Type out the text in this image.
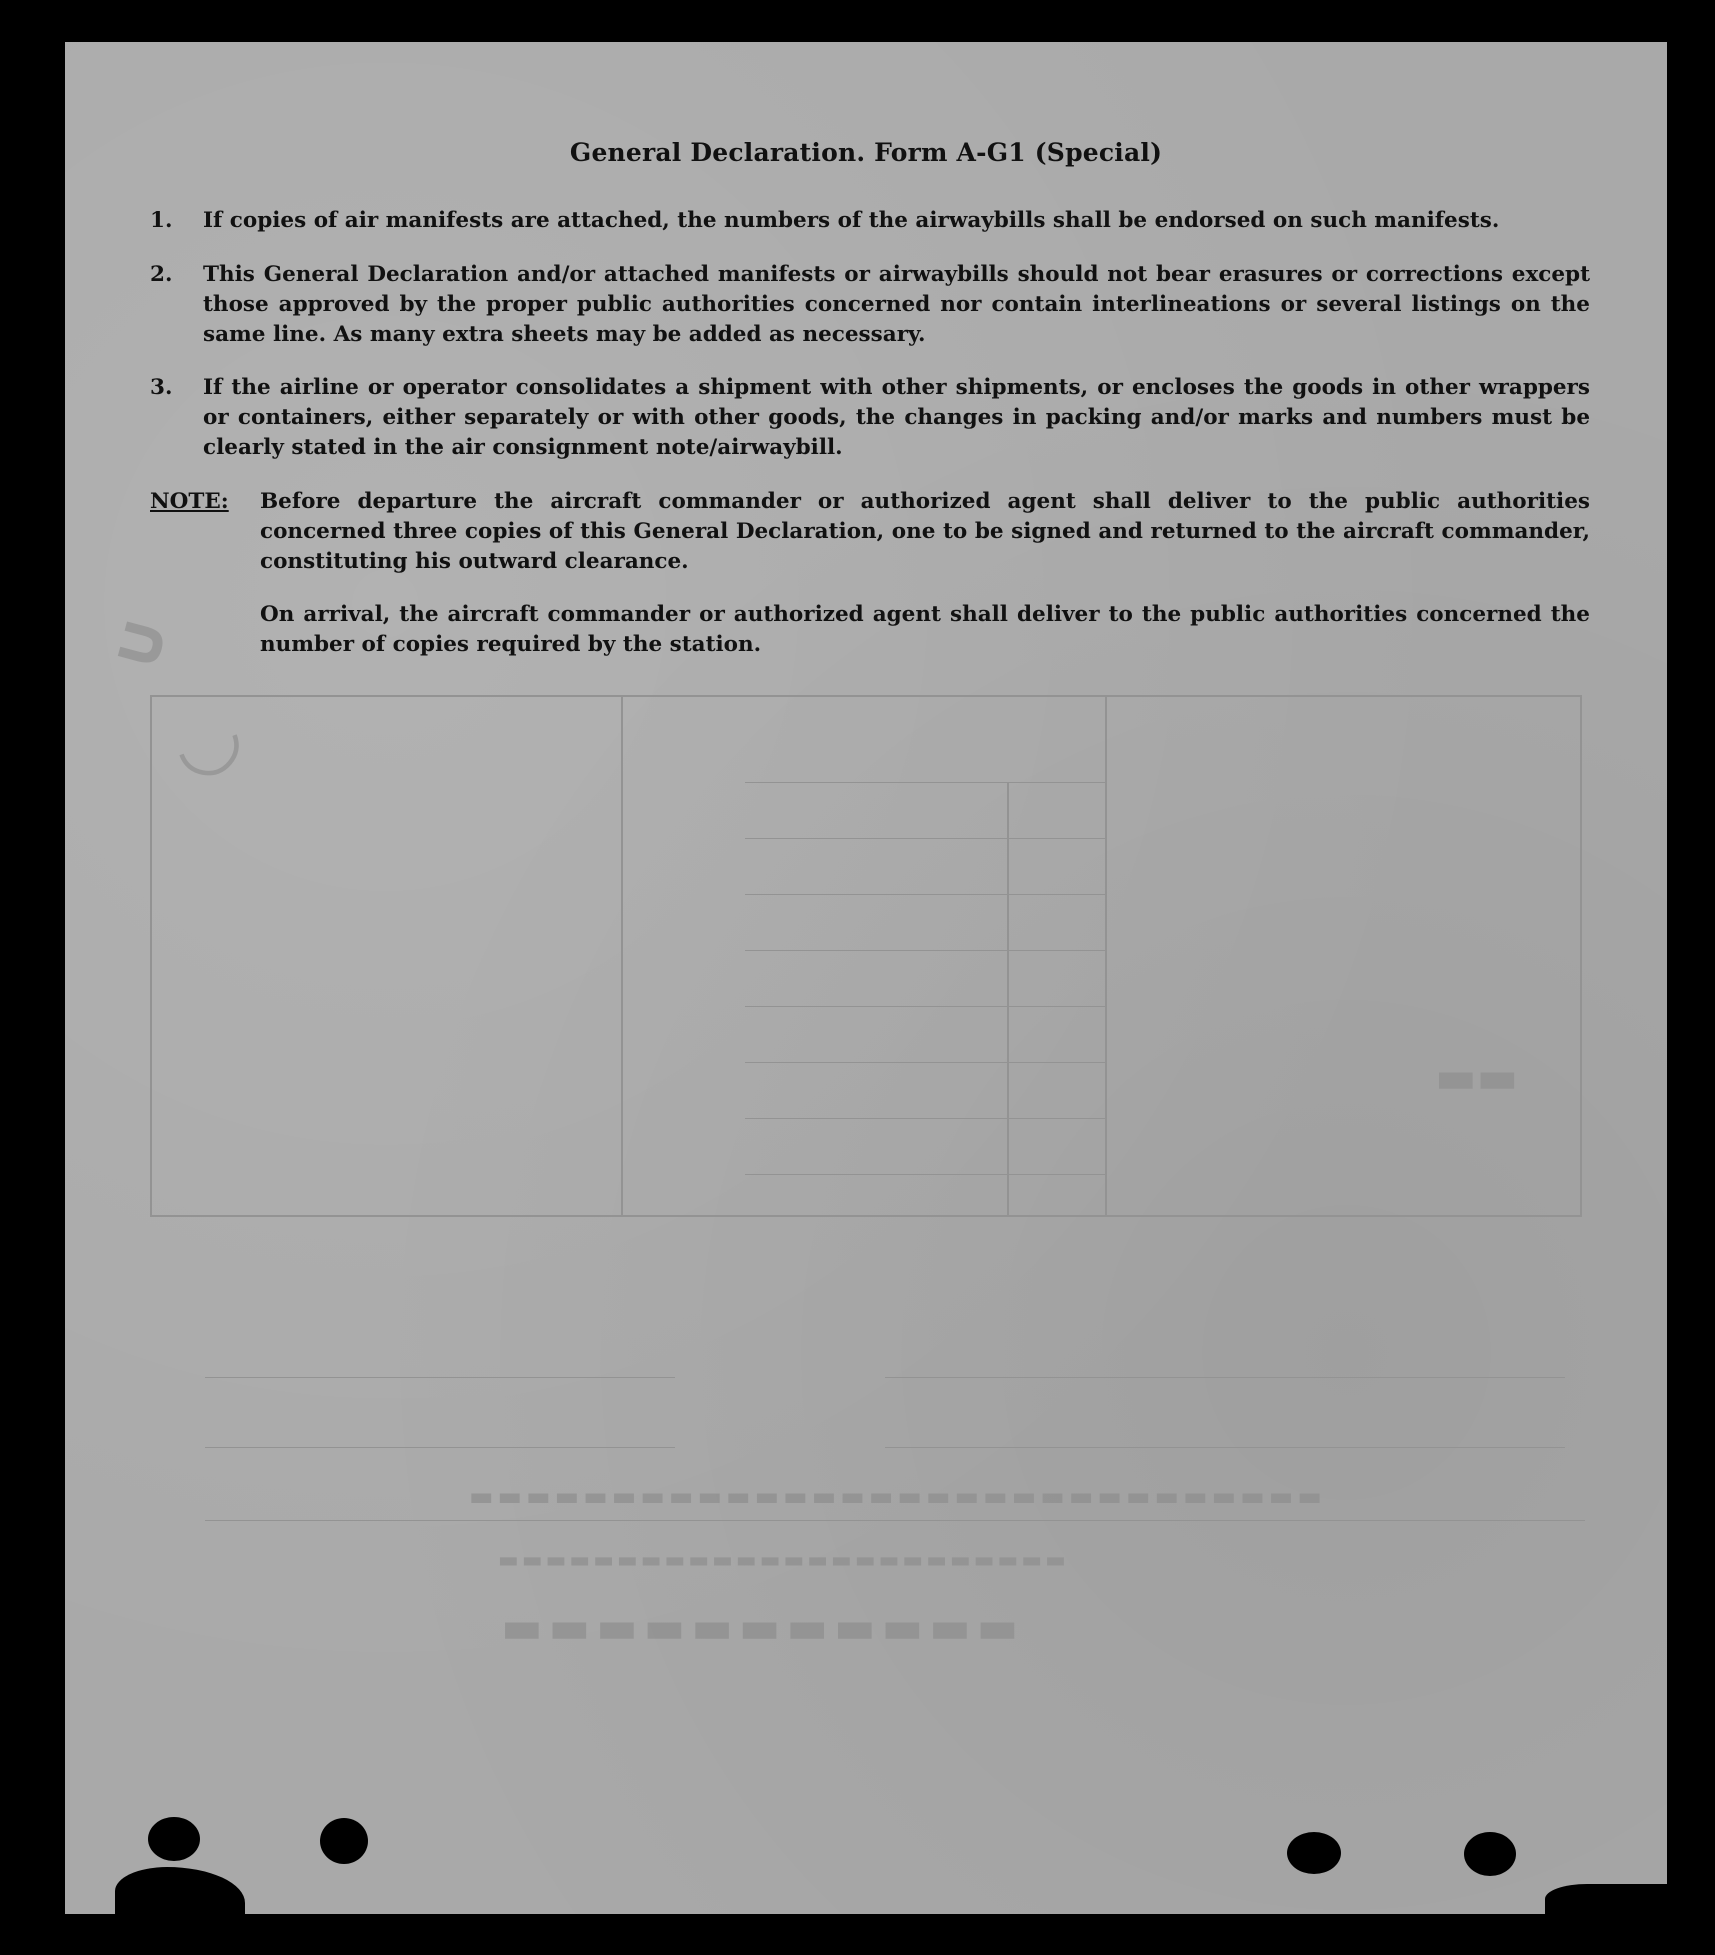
▬▬▬▬▬▬▬▬▬▬▬
▬▬▬▬▬▬▬▬▬▬▬▬▬▬▬▬▬▬▬▬▬▬▬▬
▬▬▬▬▬▬▬▬▬▬▬▬▬▬▬▬▬▬▬▬▬▬▬▬▬▬▬▬▬▬
∪
◡
▬▬
General Declaration. Form A-G1 (Special)
1.	If copies of air manifests are attached, the numbers of the airwaybills shall be endorsed on such manifests.
2.	This General Declaration and/or attached manifests or airwaybills should not bear erasures or corrections except those approved by the proper public authorities concerned nor contain interlineations or several listings on the same line. As many extra sheets may be added as necessary.
3.	If the airline or operator consolidates a shipment with other shipments, or encloses the goods in other wrappers or containers, either separately or with other goods, the changes in packing and/or marks and numbers must be clearly stated in the air consignment note/airwaybill.
NOTE: Before departure the aircraft commander or authorized agent shall deliver to the public authorities concerned three copies of this General Declaration, one to be signed and returned to the aircraft commander, constituting his outward clearance.
On arrival, the aircraft commander or authorized agent shall deliver to the public authorities concerned the number of copies required by the station.
